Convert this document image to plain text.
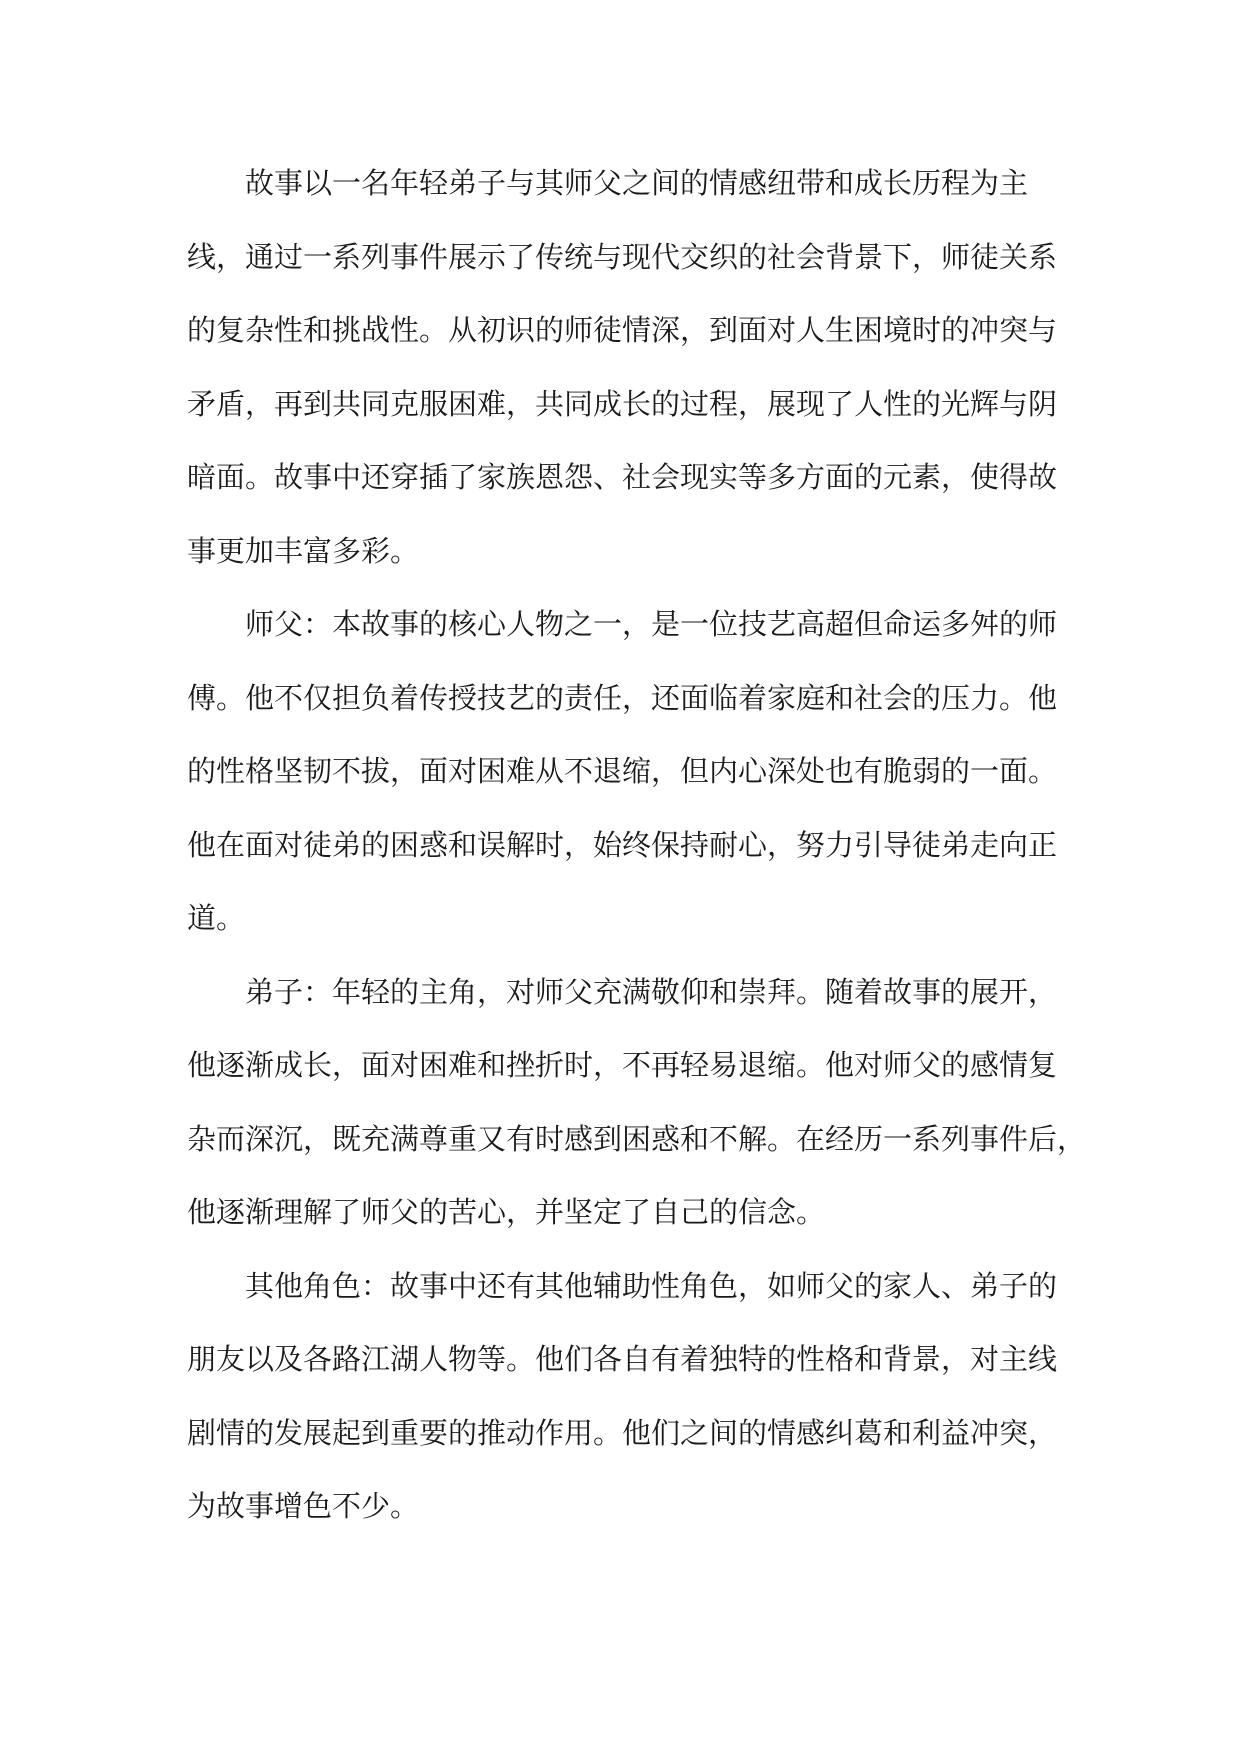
故事以一名年轻弟子与其师父之间的情感纽带和成长历程为主
线，通过一系列事件展示了传统与现代交织的社会背景下，师徒关系
的复杂性和挑战性。从初识的师徒情深，到面对人生困境时的冲突与
矛盾，再到共同克服困难，共同成长的过程，展现了人性的光辉与阴
暗面。故事中还穿插了家族恩怨、社会现实等多方面的元素，使得故
事更加丰富多彩。

师父：本故事的核心人物之一，是一位技艺高超但命运多舛的师
傅。他不仅担负着传授技艺的责任，还面临着家庭和社会的压力。他
的性格坚韧不拔，面对困难从不退缩，但内心深处也有脆弱的一面。
他在面对徒弟的困惑和误解时，始终保持耐心，努力引导徒弟走向正
道。

弟子：年轻的主角，对师父充满敬仰和崇拜。随着故事的展开，
他逐渐成长，面对困难和挫折时，不再轻易退缩。他对师父的感情复
杂而深沉，既充满尊重又有时感到困惑和不解。在经历一系列事件后，
他逐渐理解了师父的苦心，并坚定了自己的信念。

其他角色：故事中还有其他辅助性角色，如师父的家人、弟子的
朋友以及各路江湖人物等。他们各自有着独特的性格和背景，对主线
剧情的发展起到重要的推动作用。他们之间的情感纠葛和利益冲突，
为故事增色不少。
